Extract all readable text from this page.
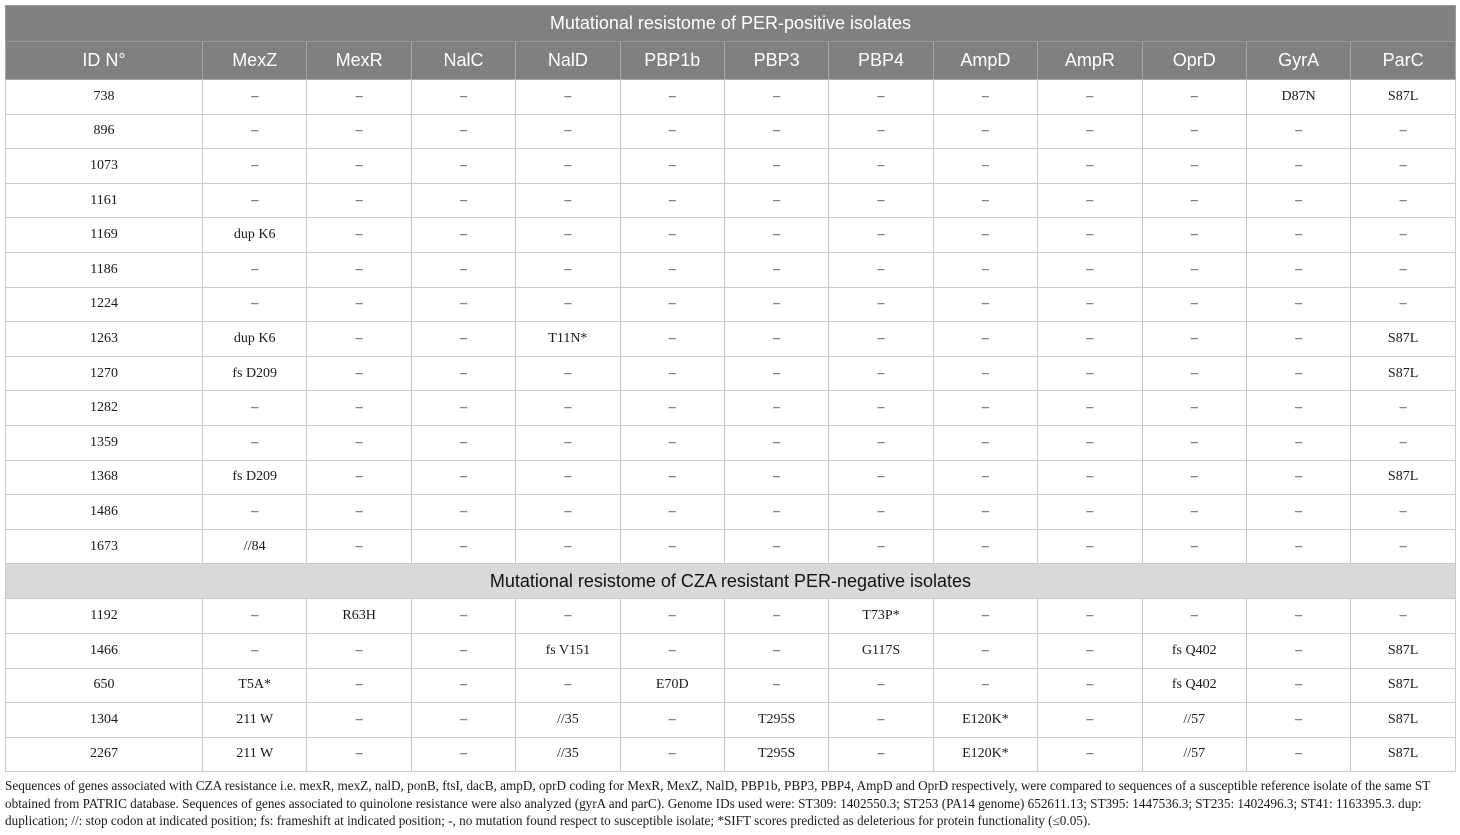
Mutational resistome of PER-positive isolates												
ID N°	MexZ	MexR	NalC	NalD	PBP1b	PBP3	PBP4	AmpD	AmpR	OprD	GyrA	ParC
738	–	–	–	–	–	–	–	–	–	–	D87N	S87L
896	–	–	–	–	–	–	–	–	–	–	–	–
1073	–	–	–	–	–	–	–	–	–	–	–	–
1161	–	–	–	–	–	–	–	–	–	–	–	–
1169	dup K6	–	–	–	–	–	–	–	–	–	–	–
1186	–	–	–	–	–	–	–	–	–	–	–	–
1224	–	–	–	–	–	–	–	–	–	–	–	–
1263	dup K6	–	–	T11N*	–	–	–	–	–	–	–	S87L
1270	fs D209	–	–	–	–	–	–	–	–	–	–	S87L
1282	–	–	–	–	–	–	–	–	–	–	–	–
1359	–	–	–	–	–	–	–	–	–	–	–	–
1368	fs D209	–	–	–	–	–	–	–	–	–	–	S87L
1486	–	–	–	–	–	–	–	–	–	–	–	–
1673	//84	–	–	–	–	–	–	–	–	–	–	–
Mutational resistome of CZA resistant PER-negative isolates												
1192	–	R63H	–	–	–	–	T73P*	–	–	–	–	–
1466	–	–	–	fs V151	–	–	G117S	–	–	fs Q402	–	S87L
650	T5A*	–	–	–	E70D	–	–	–	–	fs Q402	–	S87L
1304	211 W	–	–	//35	–	T295S	–	E120K*	–	//57	–	S87L
2267	211 W	–	–	//35	–	T295S	–	E120K*	–	//57	–	S87L
Sequences of genes associated with CZA resistance i.e. mexR, mexZ, nalD, ponB, ftsI, dacB, ampD, oprD coding for MexR, MexZ, NalD, PBP1b, PBP3, PBP4, AmpD and OprD respectively, were compared to sequences of a susceptible reference isolate of the same ST obtained from PATRIC database. Sequences of genes associated to quinolone resistance were also analyzed (gyrA and parC). Genome IDs used were: ST309: 1402550.3; ST253 (PA14 genome) 652611.13; ST395: 1447536.3; ST235: 1402496.3; ST41: 1163395.3. dup: duplication; //: stop codon at indicated position; fs: frameshift at indicated position; -, no mutation found respect to susceptible isolate; *SIFT scores predicted as deleterious for protein functionality (≤0.05).
